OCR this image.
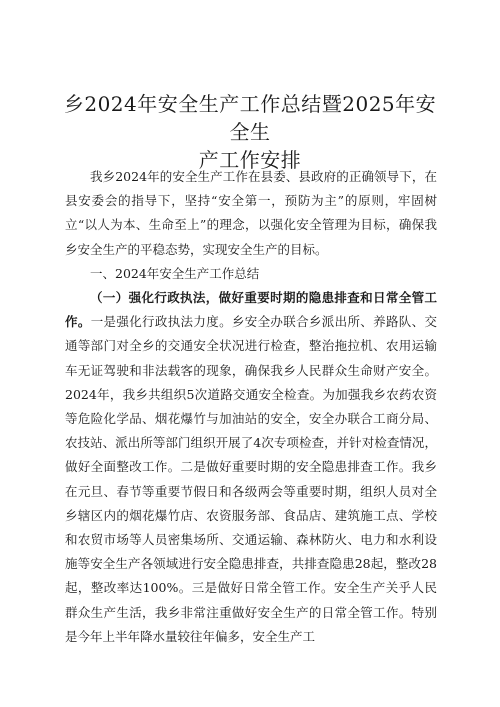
乡2024年安全生产工作总结暨2025年安全生
产工作安排

我乡2024年的安全生产工作在县委、县政府的正确领导下，在县安委会的指导下，坚持“安全第一，预防为主”的原则，牢固树立“以人为本、生命至上”的理念，以强化安全管理为目标，确保我乡安全生产的平稳态势，实现安全生产的目标。

一、2024年安全生产工作总结

（一）强化行政执法，做好重要时期的隐患排查和日常全管工作。一是强化行政执法力度。乡安全办联合乡派出所、养路队、交通等部门对全乡的交通安全状况进行检查，整治拖拉机、农用运输车无证驾驶和非法载客的现象，确保我乡人民群众生命财产安全。2024年，我乡共组织5次道路交通安全检查。为加强我乡农药农资等危险化学品、烟花爆竹与加油站的安全，安全办联合工商分局、农技站、派出所等部门组织开展了4次专项检查，并针对检查情况，做好全面整改工作。二是做好重要时期的安全隐患排查工作。我乡在元旦、春节等重要节假日和各级两会等重要时期，组织人员对全乡辖区内的烟花爆竹店、农资服务部、食品店、建筑施工点、学校和农贸市场等人员密集场所、交通运输、森林防火、电力和水利设施等安全生产各领域进行安全隐患排查，共排查隐患28起，整改28起，整改率达100%。三是做好日常全管工作。安全生产关乎人民群众生产生活，我乡非常注重做好安全生产的日常全管工作。特别是今年上半年降水量较往年偏多，安全生产工
